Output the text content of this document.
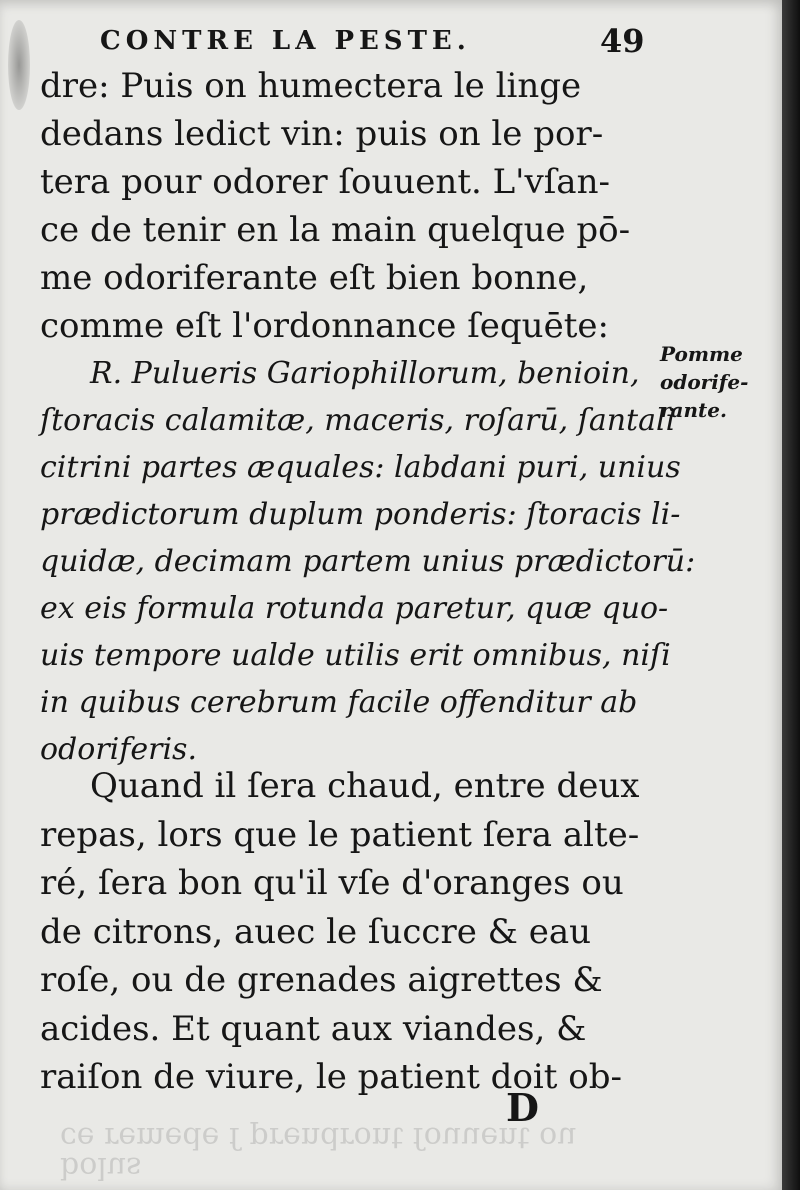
ce remede ſ prendront ſouuent ou
bolus
CONTRE LA PESTE.	49
dre: Puis on humectera le linge
dedans ledict vin: puis on le por-
tera pour odorer ſouuent. L'vſan-
ce de tenir en la main quelque pō-
me odoriferante eſt bien bonne,
comme eſt l'ordonnance ſequēte:
R. Pulueris Gariophillorum, benioin,
ſtoracis calamitæ, maceris, roſarū, ſantali
citrini partes æquales: labdani puri, unius
prædictorum duplum ponderis: ſtoracis li-
quidæ, decimam partem unius prædictorū:
ex eis formula rotunda paretur, quæ quo-
uis tempore ualde utilis erit omnibus, niſi
in quibus cerebrum facile offenditur ab
odoriferis.
Quand il ſera chaud, entre deux
repas, lors que le patient ſera alte-
ré, ſera bon qu'il vſe d'oranges ou
de citrons, auec le ſuccre & eau
roſe, ou de grenades aigrettes &
acides. Et quant aux viandes, &
raiſon de viure, le patient doit ob-
Pomme
odorife-
rante.
D
